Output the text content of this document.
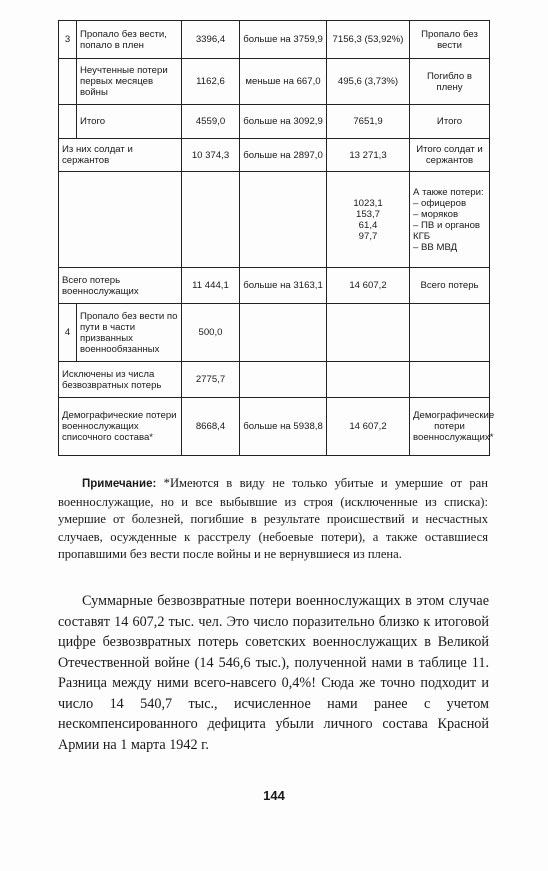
3	Пропало без вести, попало в плен	3396,4	больше на 3759,9	7156,3 (53,92%)	Пропало без вести
	Неучтенные потери первых месяцев войны	1162,6	меньше на 667,0	495,6 (3,73%)	Погибло в плену
	Итого	4559,0	больше на 3092,9	7651,9	Итого
Из них солдат и сержантов		10 374,3	больше на 2897,0	13 271,3	Итого солдат и сержантов
				1023,1
153,7
61,4
97,7	А также потери:
– офицеров
– моряков
– ПВ и органов КГБ
– ВВ МВД
Всего потерь военнослужащих		11 444,1	больше на 3163,1	14 607,2	Всего потерь
4	Пропало без вести по пути в части призванных военнообязанных	500,0			
Исключены из числа безвозвратных потерь		2775,7			
Демографические потери военнослужащих списочного состава*		8668,4	больше на 5938,8	14 607,2	Демографические потери военнослужащих*

Примечание: *Имеются в виду не только убитые и умершие от ран военнослужащие, но и все выбывшие из строя (исключенные из списка): умершие от болезней, погибшие в результате происшествий и несчастных случаев, осужденные к расстрелу (небоевые потери), а также оставшиеся пропавшими без вести после войны и не вернувшиеся из плена.

Суммарные безвозвратные потери военнослужащих в этом случае составят 14 607,2 тыс. чел. Это число поразительно близко к итоговой цифре безвозвратных потерь советских военнослужащих в Великой Отечественной войне (14 546,6 тыс.), полученной нами в таблице 11. Разница между ними всего-навсего 0,4%! Сюда же точно подходит и число 14 540,7 тыс., исчисленное нами ранее с учетом нескомпенсированного дефицита убыли личного состава Красной Армии на 1 марта 1942 г.

144
